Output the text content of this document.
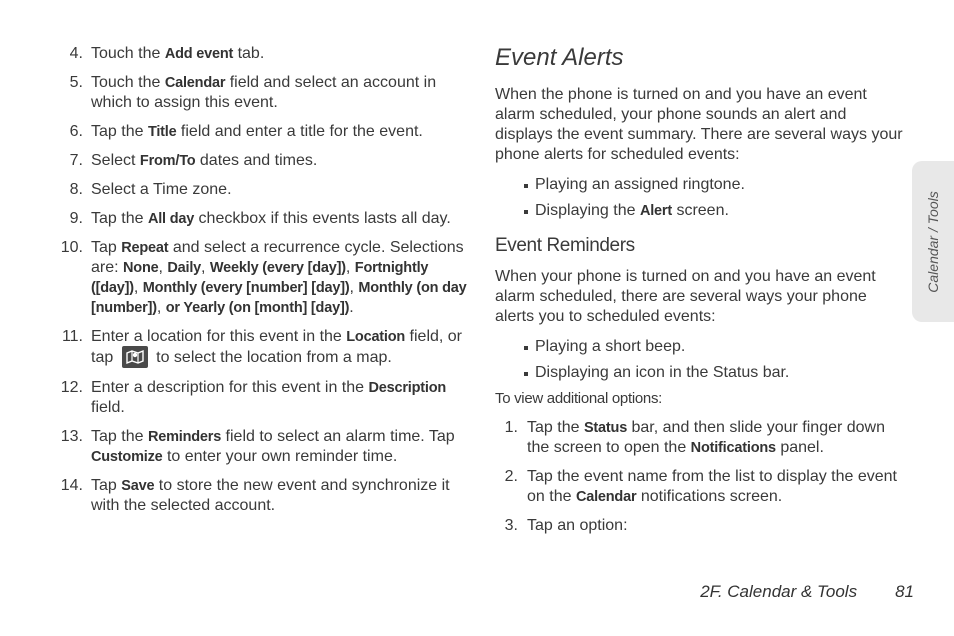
4. Touch the Add event tab.
5. Touch the Calendar field and select an account in which to assign this event.
6. Tap the Title field and enter a title for the event.
7. Select From/To dates and times.
8. Select a Time zone.
9. Tap the All day checkbox if this events lasts all day.
10. Tap Repeat and select a recurrence cycle. Selections are: None, Daily, Weekly (every [day]), Fortnightly ([day]), Monthly (every [number] [day]), Monthly (on day [number]), or Yearly (on [month] [day]).
11. Enter a location for this event in the Location field, or tap
to select the location from a map.
12. Enter a description for this event in the Description field.
13. Tap the Reminders field to select an alarm time. Tap Customize to enter your own reminder time.
14. Tap Save to store the new event and synchronize it with the selected account.
Event Alerts

When the phone is turned on and you have an event alarm scheduled, your phone sounds an alert and displays the event summary. There are several ways your phone alerts for scheduled events:

Playing an assigned ringtone.
Displaying the Alert screen.
Event Reminders

When your phone is turned on and you have an event alarm scheduled, there are several ways your phone alerts you to scheduled events:

Playing a short beep.
Displaying an icon in the Status bar.

To view additional options:

1. Tap the Status bar, and then slide your finger down the screen to open the Notifications panel.
2. Tap the event name from the list to display the event on the Calendar notifications screen.
3. Tap an option:
Calendar / Tools
2F. Calendar & Tools 81
